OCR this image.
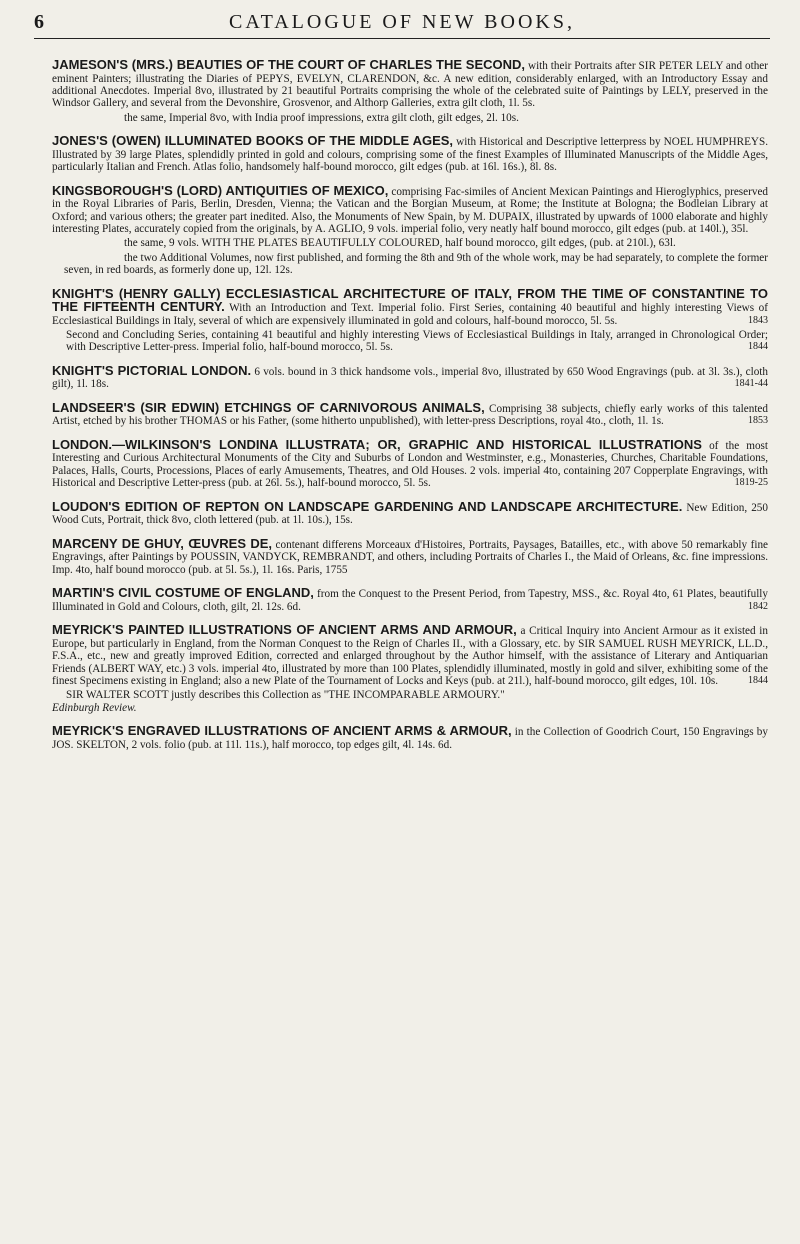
6	CATALOGUE OF NEW BOOKS,

JAMESON'S (MRS.) BEAUTIES OF THE COURT OF CHARLES THE SECOND, with their Portraits after SIR PETER LELY and other eminent Painters; illustrating the Diaries of PEPYS, EVELYN, CLARENDON, &c. A new edition, considerably enlarged, with an Introductory Essay and additional Anecdotes. Imperial 8vo, illustrated by 21 beautiful Portraits comprising the whole of the celebrated suite of Paintings by LELY, preserved in the Windsor Gallery, and several from the Devonshire, Grosvenor, and Althorp Galleries, extra gilt cloth, 1l. 5s.
the same, Imperial 8vo, with India proof impressions, extra gilt cloth, gilt edges, 2l. 10s.

JONES'S (OWEN) ILLUMINATED BOOKS OF THE MIDDLE AGES, with Historical and Descriptive letterpress by NOEL HUMPHREYS. Illustrated by 39 large Plates, splendidly printed in gold and colours, comprising some of the finest Examples of Illuminated Manuscripts of the Middle Ages, particularly Italian and French. Atlas folio, handsomely half-bound morocco, gilt edges (pub. at 16l. 16s.), 8l. 8s.

KINGSBOROUGH'S (LORD) ANTIQUITIES OF MEXICO, comprising Fac-similes of Ancient Mexican Paintings and Hieroglyphics, preserved in the Royal Libraries of Paris, Berlin, Dresden, Vienna; the Vatican and the Borgian Museum, at Rome; the Institute at Bologna; the Bodleian Library at Oxford; and various others; the greater part inedited. Also, the Monuments of New Spain, by M. DUPAIX, illustrated by upwards of 1000 elaborate and highly interesting Plates, accurately copied from the originals, by A. AGLIO, 9 vols. imperial folio, very neatly half bound morocco, gilt edges (pub. at 140l.), 35l.
the same, 9 vols. WITH THE PLATES BEAUTIFULLY COLOURED, half bound morocco, gilt edges, (pub. at 210l.), 63l.
the two Additional Volumes, now first published, and forming the 8th and 9th of the whole work, may be had separately, to complete the former seven, in red boards, as formerly done up, 12l. 12s.

KNIGHT'S (HENRY GALLY) ECCLESIASTICAL ARCHITECTURE OF ITALY, FROM THE TIME OF CONSTANTINE TO THE FIFTEENTH CENTURY. With an Introduction and Text. Imperial folio. First Series, containing 40 beautiful and highly interesting Views of Ecclesiastical Buildings in Italy, several of which are expensively illuminated in gold and colours, half-bound morocco, 5l. 5s.	1843
Second and Concluding Series, containing 41 beautiful and highly interesting Views of Ecclesiastical Buildings in Italy, arranged in Chronological Order; with Descriptive Letter-press. Imperial folio, half-bound morocco, 5l. 5s.	1844

KNIGHT'S PICTORIAL LONDON. 6 vols. bound in 3 thick handsome vols., imperial 8vo, illustrated by 650 Wood Engravings (pub. at 3l. 3s.), cloth gilt), 1l. 18s.	1841-44

LANDSEER'S (SIR EDWIN) ETCHINGS OF CARNIVOROUS ANIMALS, Comprising 38 subjects, chiefly early works of this talented Artist, etched by his brother THOMAS or his Father, (some hitherto unpublished), with letter-press Descriptions, royal 4to., cloth, 1l. 1s.	1853

LONDON.—WILKINSON'S LONDINA ILLUSTRATA; OR, GRAPHIC AND HISTORICAL ILLUSTRATIONS of the most Interesting and Curious Architectural Monuments of the City and Suburbs of London and Westminster, e.g., Monasteries, Churches, Charitable Foundations, Palaces, Halls, Courts, Processions, Places of early Amusements, Theatres, and Old Houses. 2 vols. imperial 4to, containing 207 Copperplate Engravings, with Historical and Descriptive Letter-press (pub. at 26l. 5s.), half-bound morocco, 5l. 5s.	1819-25

LOUDON'S EDITION OF REPTON ON LANDSCAPE GARDENING AND LANDSCAPE ARCHITECTURE. New Edition, 250 Wood Cuts, Portrait, thick 8vo, cloth lettered (pub. at 1l. 10s.), 15s.

MARCENY DE GHUY, ŒUVRES DE, contenant differens Morceaux d'Histoires, Portraits, Paysages, Batailles, etc., with above 50 remarkably fine Engravings, after Paintings by POUSSIN, VANDYCK, REMBRANDT, and others, including Portraits of Charles I., the Maid of Orleans, &c. fine impressions. Imp. 4to, half bound morocco (pub. at 5l. 5s.), 1l. 16s. Paris, 1755

MARTIN'S CIVIL COSTUME OF ENGLAND, from the Conquest to the Present Period, from Tapestry, MSS., &c. Royal 4to, 61 Plates, beautifully Illuminated in Gold and Colours, cloth, gilt, 2l. 12s. 6d.	1842

MEYRICK'S PAINTED ILLUSTRATIONS OF ANCIENT ARMS AND ARMOUR, a Critical Inquiry into Ancient Armour as it existed in Europe, but particularly in England, from the Norman Conquest to the Reign of Charles II., with a Glossary, etc. by SIR SAMUEL RUSH MEYRICK, LL.D., F.S.A., etc., new and greatly improved Edition, corrected and enlarged throughout by the Author himself, with the assistance of Literary and Antiquarian Friends (ALBERT WAY, etc.) 3 vols. imperial 4to, illustrated by more than 100 Plates, splendidly illuminated, mostly in gold and silver, exhibiting some of the finest Specimens existing in England; also a new Plate of the Tournament of Locks and Keys (pub. at 21l.), half-bound morocco, gilt edges, 10l. 10s.	1844
SIR WALTER SCOTT justly describes this Collection as "THE INCOMPARABLE ARMOURY."
Edinburgh Review.

MEYRICK'S ENGRAVED ILLUSTRATIONS OF ANCIENT ARMS & ARMOUR, in the Collection of Goodrich Court, 150 Engravings by JOS. SKELTON, 2 vols. folio (pub. at 11l. 11s.), half morocco, top edges gilt, 4l. 14s. 6d.
